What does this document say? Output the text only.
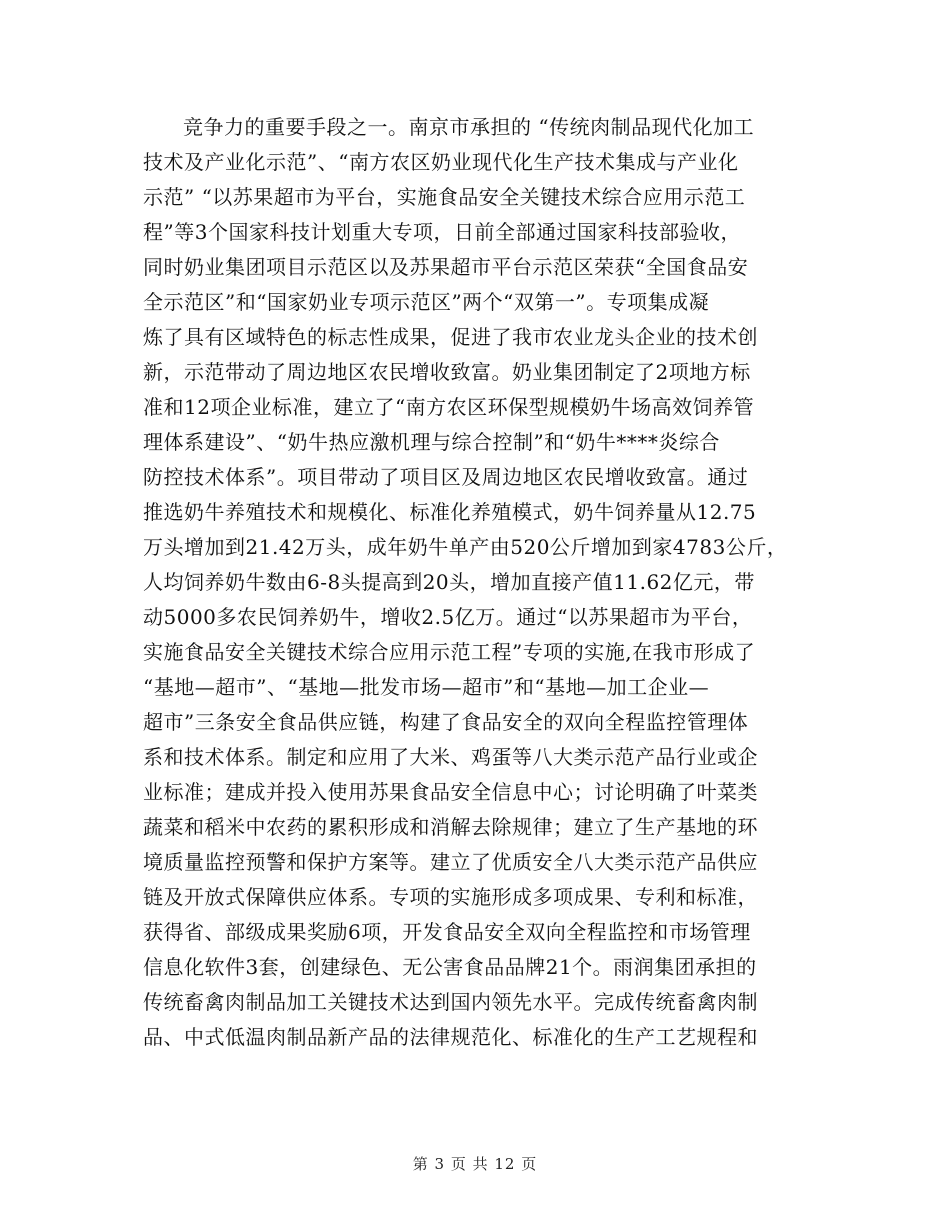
竞争力的重要手段之一。南京市承担的 “传统肉制品现代化加工
技术及产业化示范”、“南方农区奶业现代化生产技术集成与产业化
示范” “以苏果超市为平台，实施食品安全关键技术综合应用示范工
程”等3个国家科技计划重大专项，日前全部通过国家科技部验收，
同时奶业集团项目示范区以及苏果超市平台示范区荣获“全国食品安
全示范区”和“国家奶业专项示范区”两个“双第一”。专项集成凝
炼了具有区域特色的标志性成果，促进了我市农业龙头企业的技术创
新，示范带动了周边地区农民增收致富。奶业集团制定了2项地方标
准和12项企业标准，建立了“南方农区环保型规模奶牛场高效饲养管
理体系建设”、“奶牛热应激机理与综合控制”和“奶牛****炎综合
防控技术体系”。项目带动了项目区及周边地区农民增收致富。通过
推选奶牛养殖技术和规模化、标准化养殖模式，奶牛饲养量从12.75
万头增加到21.42万头，成年奶牛单产由520公斤增加到家4783公斤，
人均饲养奶牛数由6-8头提高到20头，增加直接产值11.62亿元，带
动5000多农民饲养奶牛，增收2.5亿万。通过“以苏果超市为平台，
实施食品安全关键技术综合应用示范工程”专项的实施,在我市形成了
“基地—超市”、“基地—批发市场—超市”和“基地—加工企业—
超市”三条安全食品供应链，构建了食品安全的双向全程监控管理体
系和技术体系。制定和应用了大米、鸡蛋等八大类示范产品行业或企
业标准；建成并投入使用苏果食品安全信息中心；讨论明确了叶菜类
蔬菜和稻米中农药的累积形成和消解去除规律；建立了生产基地的环
境质量监控预警和保护方案等。建立了优质安全八大类示范产品供应
链及开放式保障供应体系。专项的实施形成多项成果、专利和标准，
获得省、部级成果奖励6项，开发食品安全双向全程监控和市场管理
信息化软件3套，创建绿色、无公害食品品牌21个。雨润集团承担的
传统畜禽肉制品加工关键技术达到国内领先水平。完成传统畜禽肉制
品、中式低温肉制品新产品的法律规范化、标准化的生产工艺规程和
第 3 页 共 12 页
